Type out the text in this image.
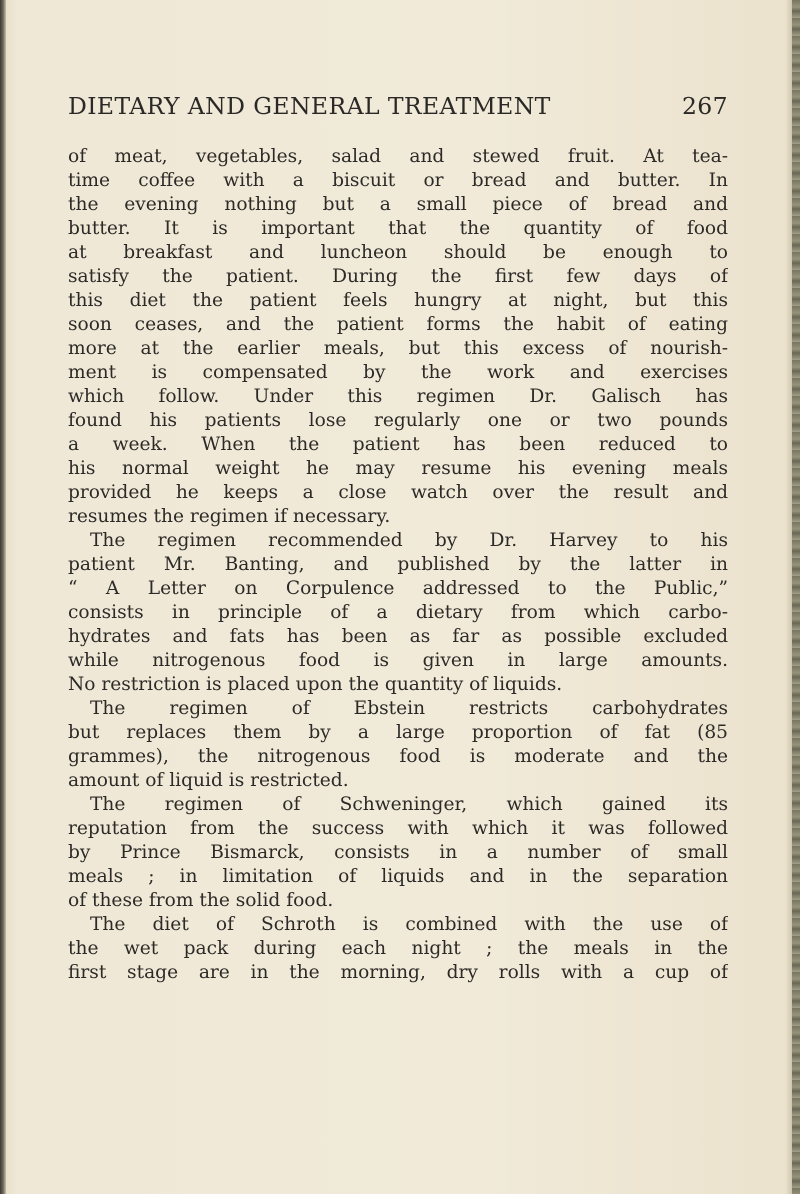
DIETARY AND GENERAL TREATMENT	267
of meat, vegetables, salad and stewed fruit. At tea-
time coffee with a biscuit or bread and butter. In
the evening nothing but a small piece of bread and
butter. It is important that the quantity of food
at breakfast and luncheon should be enough to
satisfy the patient. During the first few days of
this diet the patient feels hungry at night, but this
soon ceases, and the patient forms the habit of eating
more at the earlier meals, but this excess of nourish-
ment is compensated by the work and exercises
which follow. Under this regimen Dr. Galisch has
found his patients lose regularly one or two pounds
a week. When the patient has been reduced to
his normal weight he may resume his evening meals
provided he keeps a close watch over the result and
resumes the regimen if necessary.
The regimen recommended by Dr. Harvey to his
patient Mr. Banting, and published by the latter in
“ A Letter on Corpulence addressed to the Public,”
consists in principle of a dietary from which carbo-
hydrates and fats has been as far as possible excluded
while nitrogenous food is given in large amounts.
No restriction is placed upon the quantity of liquids.
The regimen of Ebstein restricts carbohydrates
but replaces them by a large proportion of fat (85
grammes), the nitrogenous food is moderate and the
amount of liquid is restricted.
The regimen of Schweninger, which gained its
reputation from the success with which it was followed
by Prince Bismarck, consists in a number of small
meals ; in limitation of liquids and in the separation
of these from the solid food.
The diet of Schroth is combined with the use of
the wet pack during each night ; the meals in the
first stage are in the morning, dry rolls with a cup of
